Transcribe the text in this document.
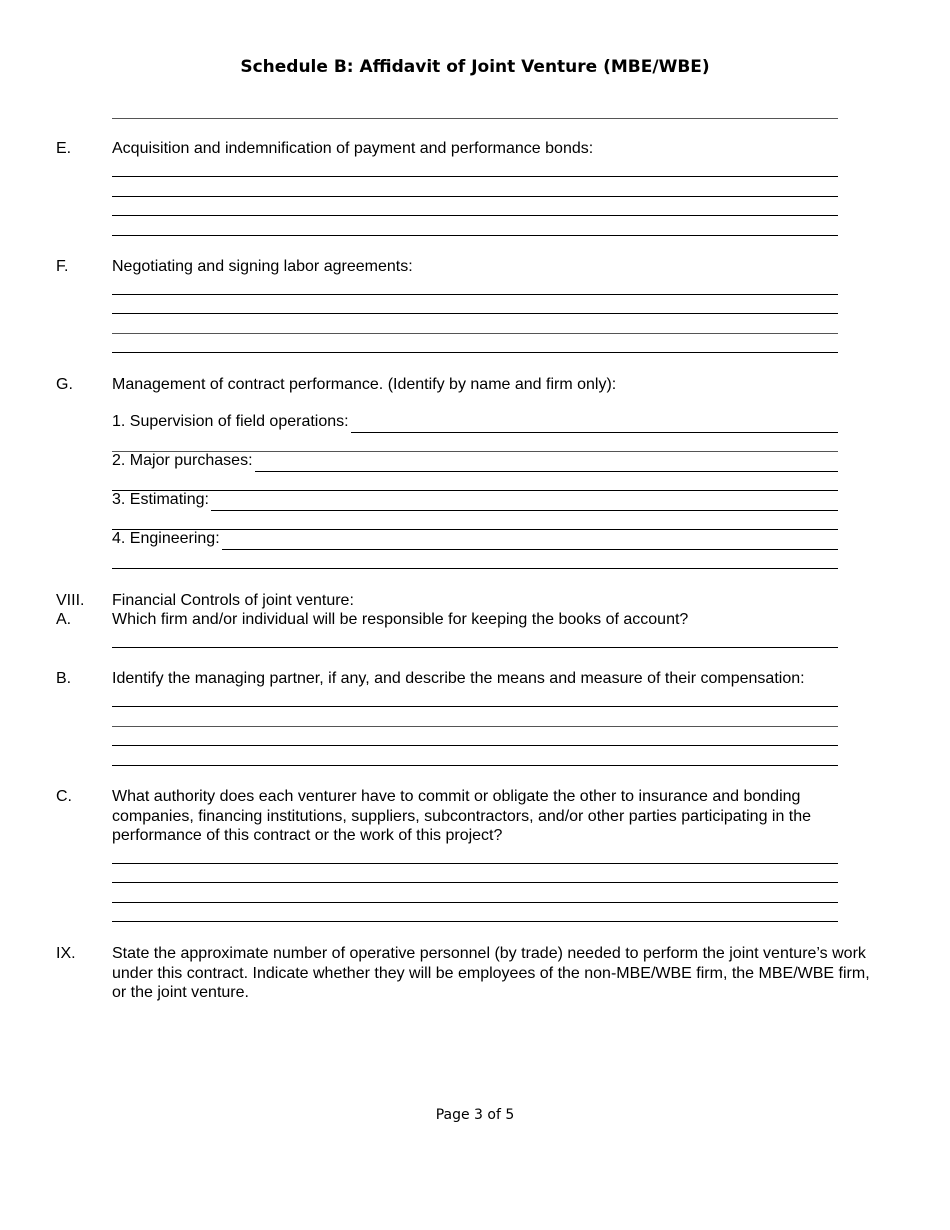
Schedule B: Affidavit of Joint Venture (MBE/WBE)
E.	Acquisition and indemnification of payment and performance bonds:
F.	Negotiating and signing labor agreements:
G. Management of contract performance. (Identify by name and firm only):
1. Supervision of field operations:
2. Major purchases:
3. Estimating:
4. Engineering:
VIII. Financial Controls of joint venture:
A.	Which firm and/or individual will be responsible for keeping the books of account?
B.	Identify the managing partner, if any, and describe the means and measure of their compensation:
C.	What authority does each venturer have to commit or obligate the other to insurance and bonding companies, financing institutions, suppliers, subcontractors, and/or other parties participating in the performance of this contract or the work of this project?
IX. State the approximate number of operative personnel (by trade) needed to perform the joint venture’s work under this contract. Indicate whether they will be employees of the non-MBE/WBE firm, the MBE/WBE firm, or the joint venture.
Page 3 of 5
